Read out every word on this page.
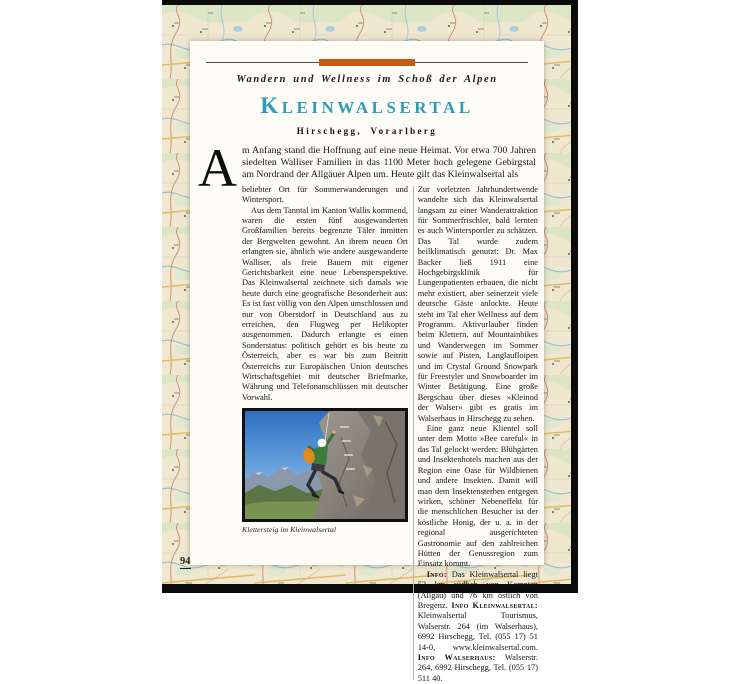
Wandern und Wellness im Schoß der Alpen
KLEINWALSERTAL
Hirschegg, Vorarlberg
Am Anfang stand die Hoffnung auf eine neue Heimat. Vor etwa 700 Jahren siedelten Walliser Familien in das 1100 Meter hoch gelegene Gebirgstal am Nordrand der Allgäuer Alpen um. Heute gilt das Kleinwalsertal als

beliebter Ort für Sommerwanderungen und Wintersport.

Aus dem Tanntal im Kanton Wallis kommend, waren die ersten fünf ausgewanderten Großfamilien bereits begrenzte Täler inmitten der Bergwelten gewohnt. An ihrem neuen Ort erlangten sie, ähnlich wie andere ausgewanderte Walliser, als freie Bauern mit eigener Gerichtsbarkeit eine neue Lebensperspektive. Das Kleinwalsertal zeichnete sich damals wie heute durch eine geografische Besonderheit aus: Es ist fast völlig von den Alpen umschlossen und nur von Oberstdorf in Deutschland aus zu erreichen, den Flugweg per Helikopter ausgenommen. Dadurch erlangte es einen Sonderstatus: politisch gehört es bis heute zu Österreich, aber es war bis zum Beitritt Österreichs zur Europäischen Union deutsches Wirtschaftsgebiet mit deutscher Briefmarke, Währung und Telefonanschlüssen mit deutscher Vorwahl.

Klettersteig im Kleinwalsertal

Zur vorletzten Jahrhundertwende wandelte sich das Kleinwalsertal langsam zu einer Wanderattraktion für Sommerfrischler, bald lernten es auch Wintersportler zu schätzen. Das Tal wurde zudem heilklimatisch genutzt: Dr. Max Backer ließ 1911 eine Hochgebirgsklinik für Lungenpatienten erbauen, die nicht mehr existiert, aber seinerzeit viele deutsche Gäste anlockte. Heute steht im Tal eher Wellness auf dem Programm. Aktivurlauber finden beim Klettern, auf Mountainbikes und Wanderwegen im Sommer sowie auf Pisten, Langlaufloipen und im Crystal Ground Snowpark für Freestyler und Snowboarder im Winter Betätigung. Eine große Bergschau über dieses »Kleinod der Walser« gibt es gratis im Walserhaus in Hirschegg zu sehen.

Eine ganz neue Klientel soll unter dem Motto »Bee careful« in das Tal gelockt werden: Blühgärten und Insektenhotels machen aus der Region eine Oase für Wildbienen und andere Insekten. Damit will man dem Insektensterben entgegen wirken, schöner Nebeneffekt für die menschlichen Besucher ist der köstliche Honig, der u. a. in der regional ausgerichteten Gastronomie auf den zahlreichen Hütten der Genussregion zum Einsatz kommt.

Info: Das Kleinwalsertal liegt 52 km südlich von Kempten (Allgäu) und 76 km östlich von Bregenz. Info Kleinwalsertal: Kleinwalsertal Tourismus, Walserstr. 264 (im Walserhaus), 6992 Hirschegg, Tel. (055 17) 51 14-0, www.kleinwalsertal.com. Info Walserhaus: Walserstr. 264, 6992 Hirschegg, Tel. (055 17) 511 40.

94
